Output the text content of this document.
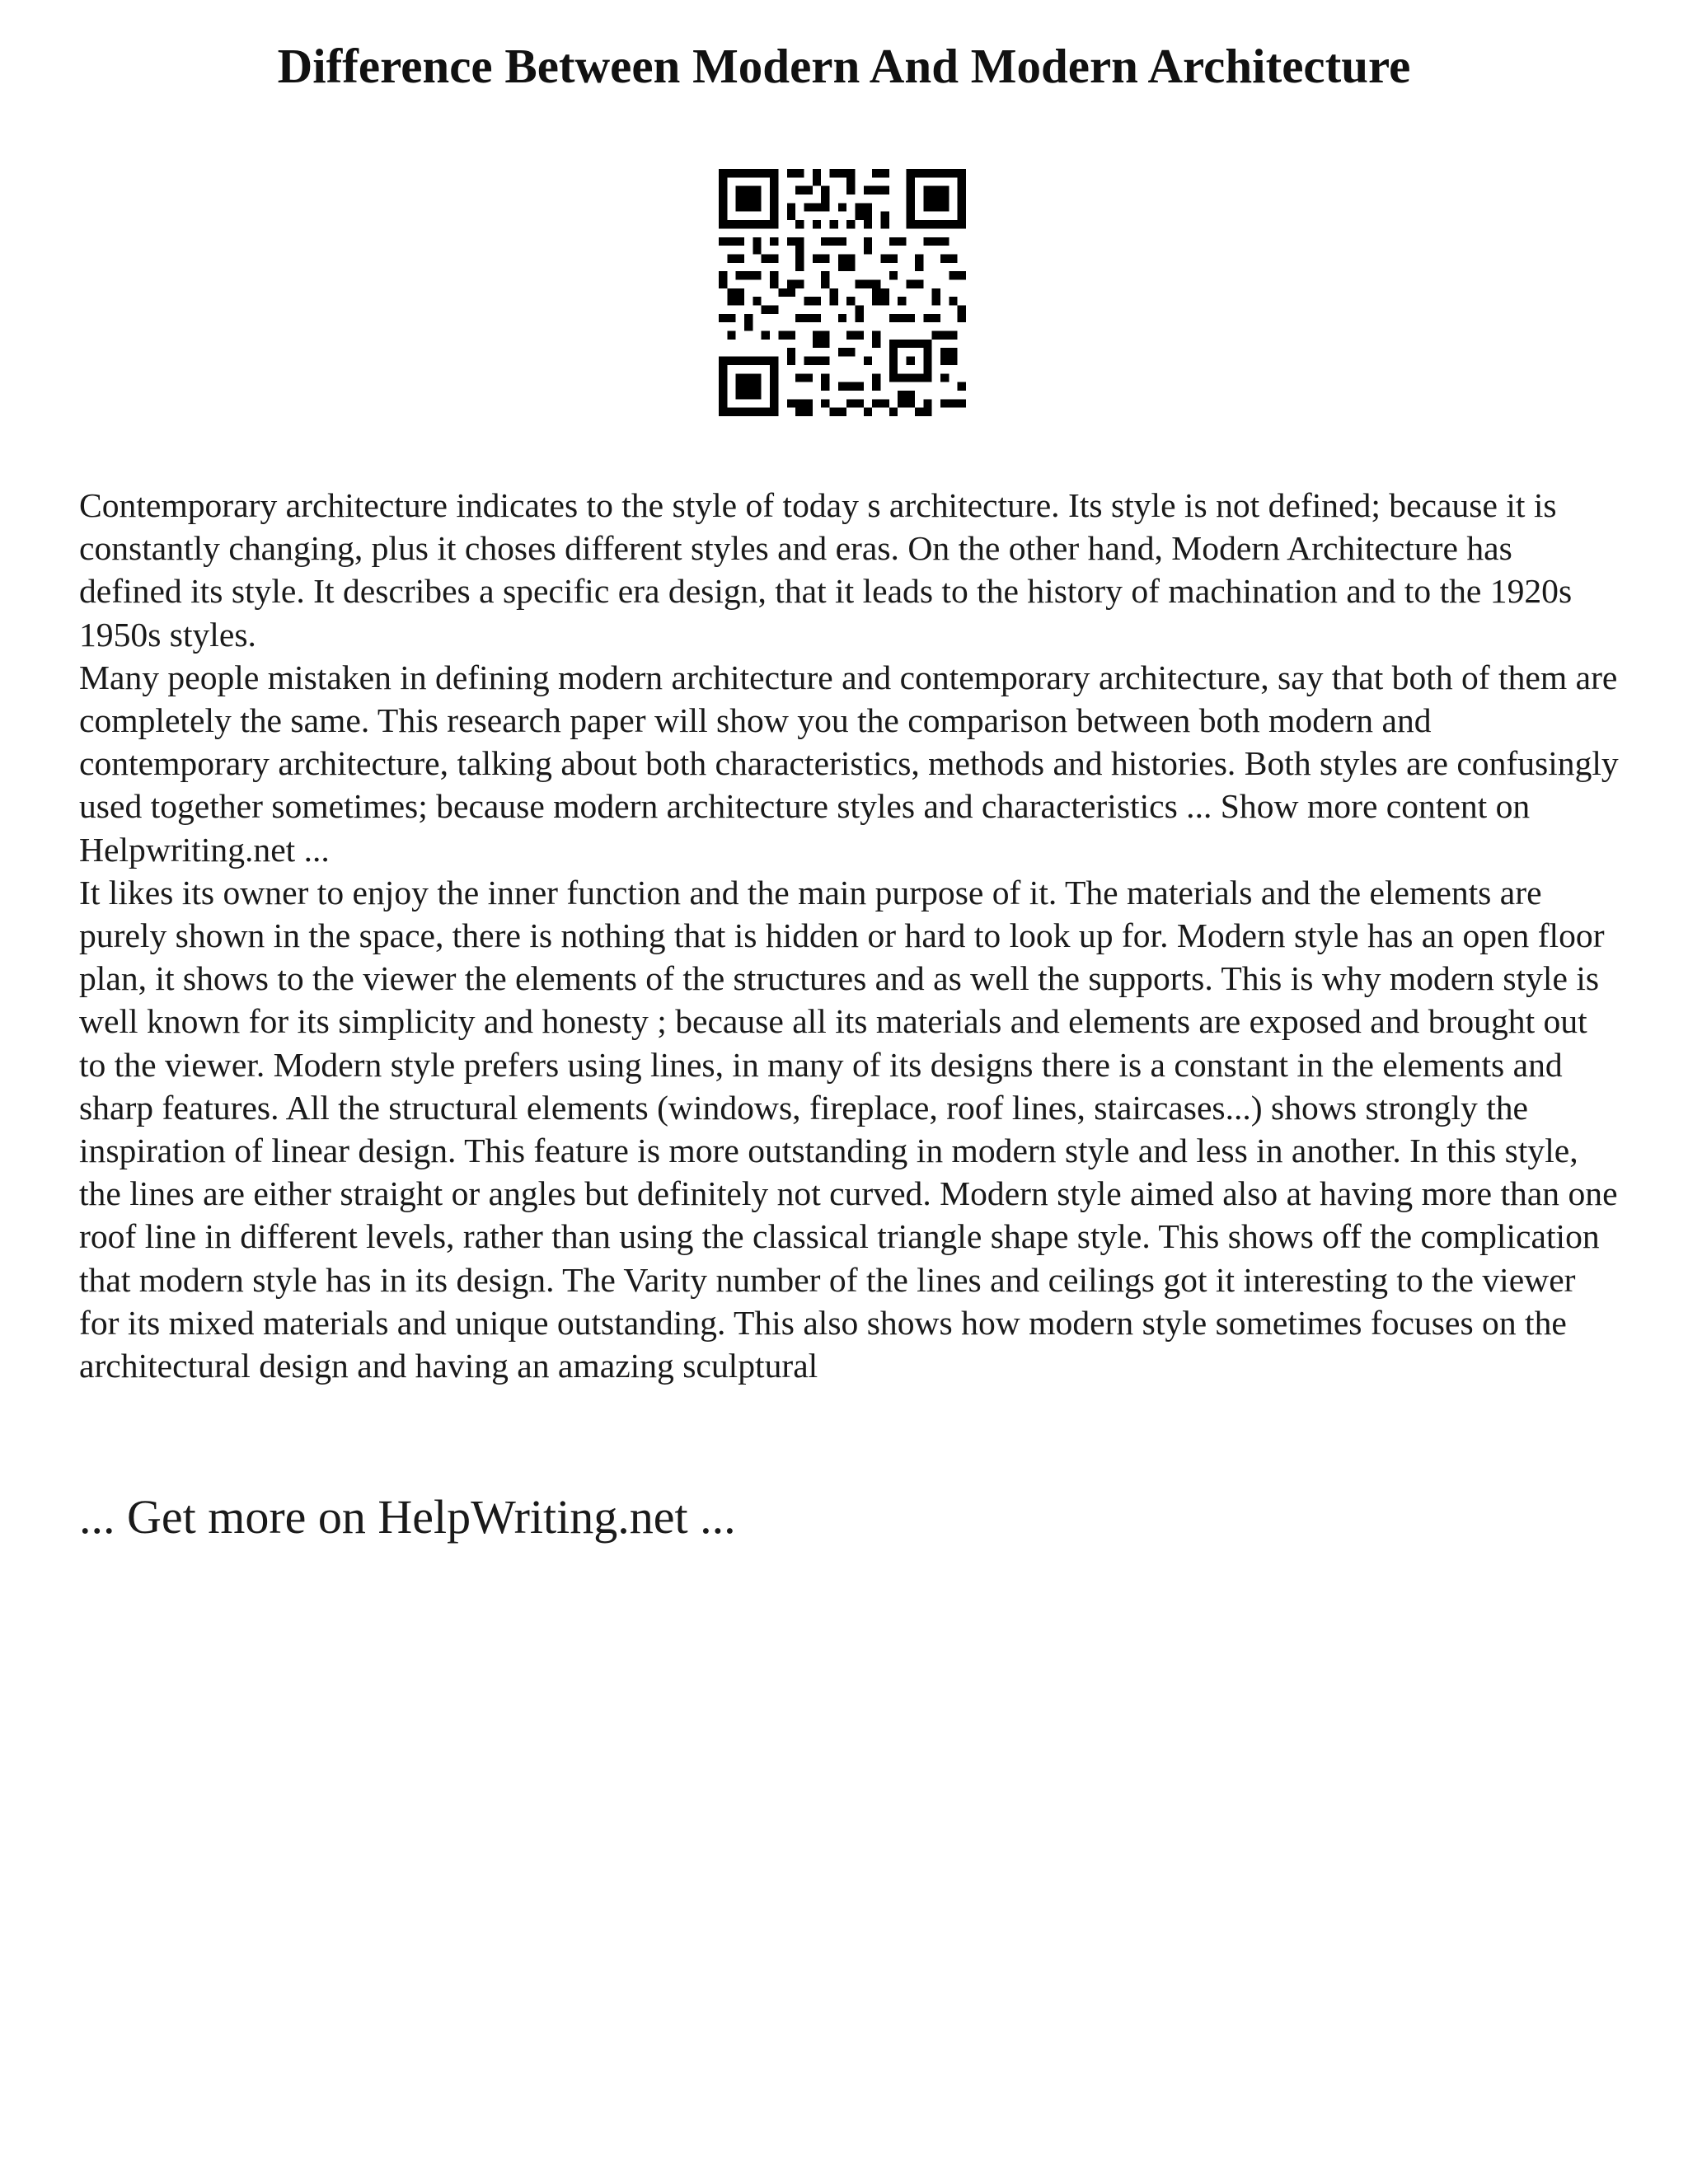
Difference Between Modern And Modern Architecture

Contemporary architecture indicates to the style of today s architecture. Its style is not defined; because it is constantly changing, plus it choses different styles and eras. On the other hand, Modern Architecture has defined its style. It describes a specific era design, that it leads to the history of machination and to the 1920s 1950s styles.

Many people mistaken in defining modern architecture and contemporary architecture, say that both of them are completely the same. This research paper will show you the comparison between both modern and contemporary architecture, talking about both characteristics, methods and histories. Both styles are confusingly used together sometimes; because modern architecture styles and characteristics ... Show more content on Helpwriting.net ...

It likes its owner to enjoy the inner function and the main purpose of it. The materials and the elements are purely shown in the space, there is nothing that is hidden or hard to look up for. Modern style has an open floor plan, it shows to the viewer the elements of the structures and as well the supports. This is why modern style is well known for its simplicity and honesty ; because all its materials and elements are exposed and brought out to the viewer. Modern style prefers using lines, in many of its designs there is a constant in the elements and sharp features. All the structural elements (windows, fireplace, roof lines, staircases...) shows strongly the inspiration of linear design. This feature is more outstanding in modern style and less in another. In this style, the lines are either straight or angles but definitely not curved. Modern style aimed also at having more than one roof line in different levels, rather than using the classical triangle shape style. This shows off the complication that modern style has in its design. The Varity number of the lines and ceilings got it interesting to the viewer for its mixed materials and unique outstanding. This also shows how modern style sometimes focuses on the architectural design and having an amazing sculptural

... Get more on HelpWriting.net ...
